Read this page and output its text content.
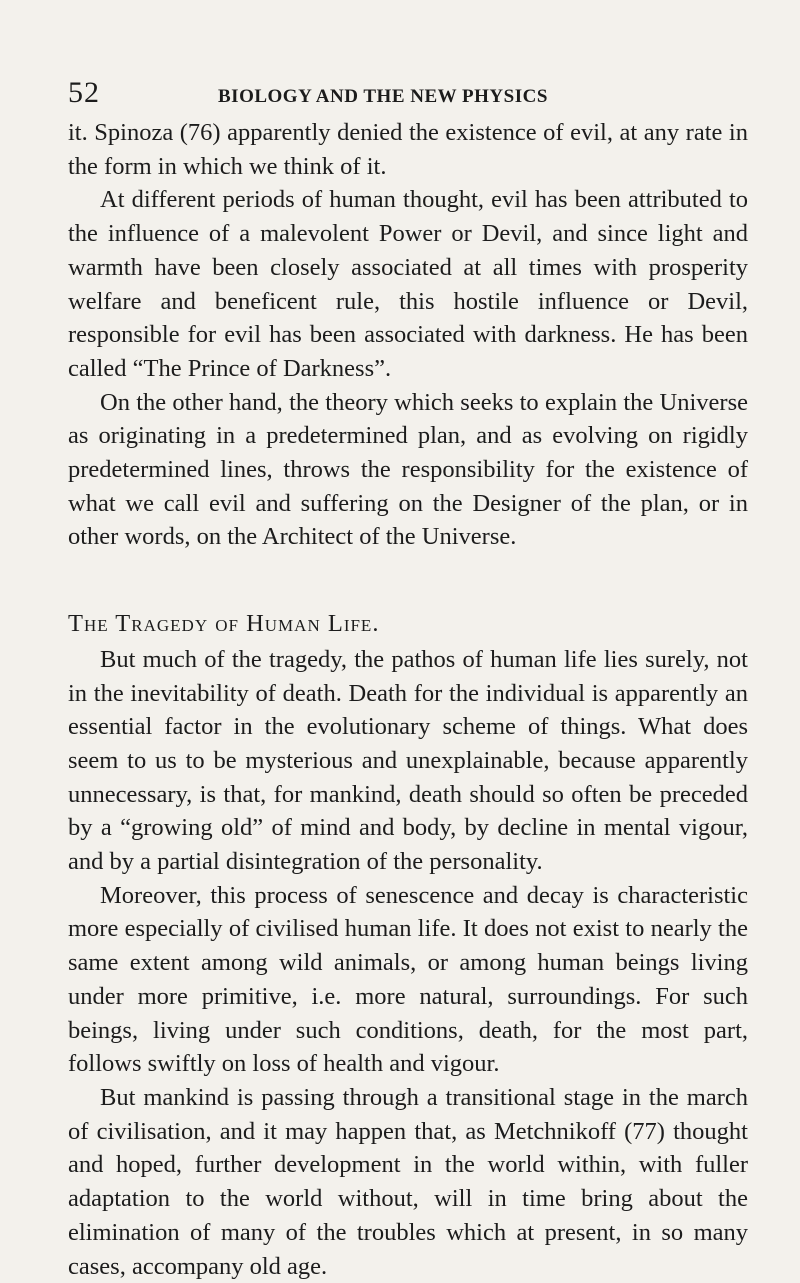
52	BIOLOGY AND THE NEW PHYSICS

it. Spinoza (76) apparently denied the existence of evil, at any rate in the form in which we think of it.

At different periods of human thought, evil has been attributed to the influence of a malevolent Power or Devil, and since light and warmth have been closely associated at all times with prosperity welfare and beneficent rule, this hostile influence or Devil, responsible for evil has been associated with darkness. He has been called “The Prince of Darkness”.

On the other hand, the theory which seeks to explain the Universe as originating in a predetermined plan, and as evolving on rigidly predetermined lines, throws the responsibility for the existence of what we call evil and suffering on the Designer of the plan, or in other words, on the Architect of the Universe.

The Tragedy of Human Life.

But much of the tragedy, the pathos of human life lies surely, not in the inevitability of death. Death for the individual is apparently an essential factor in the evolutionary scheme of things. What does seem to us to be mysterious and unexplainable, because apparently unnecessary, is that, for mankind, death should so often be preceded by a “growing old” of mind and body, by decline in mental vigour, and by a partial disintegration of the personality.

Moreover, this process of senescence and decay is characteristic more especially of civilised human life. It does not exist to nearly the same extent among wild animals, or among human beings living under more primitive, i.e. more natural, surroundings. For such beings, living under such conditions, death, for the most part, follows swiftly on loss of health and vigour.

But mankind is passing through a transitional stage in the march of civilisation, and it may happen that, as Metchnikoff (77) thought and hoped, further development in the world within, with fuller adaptation to the world without, will in time bring about the elimination of many of the troubles which at present, in so many cases, accompany old age.
